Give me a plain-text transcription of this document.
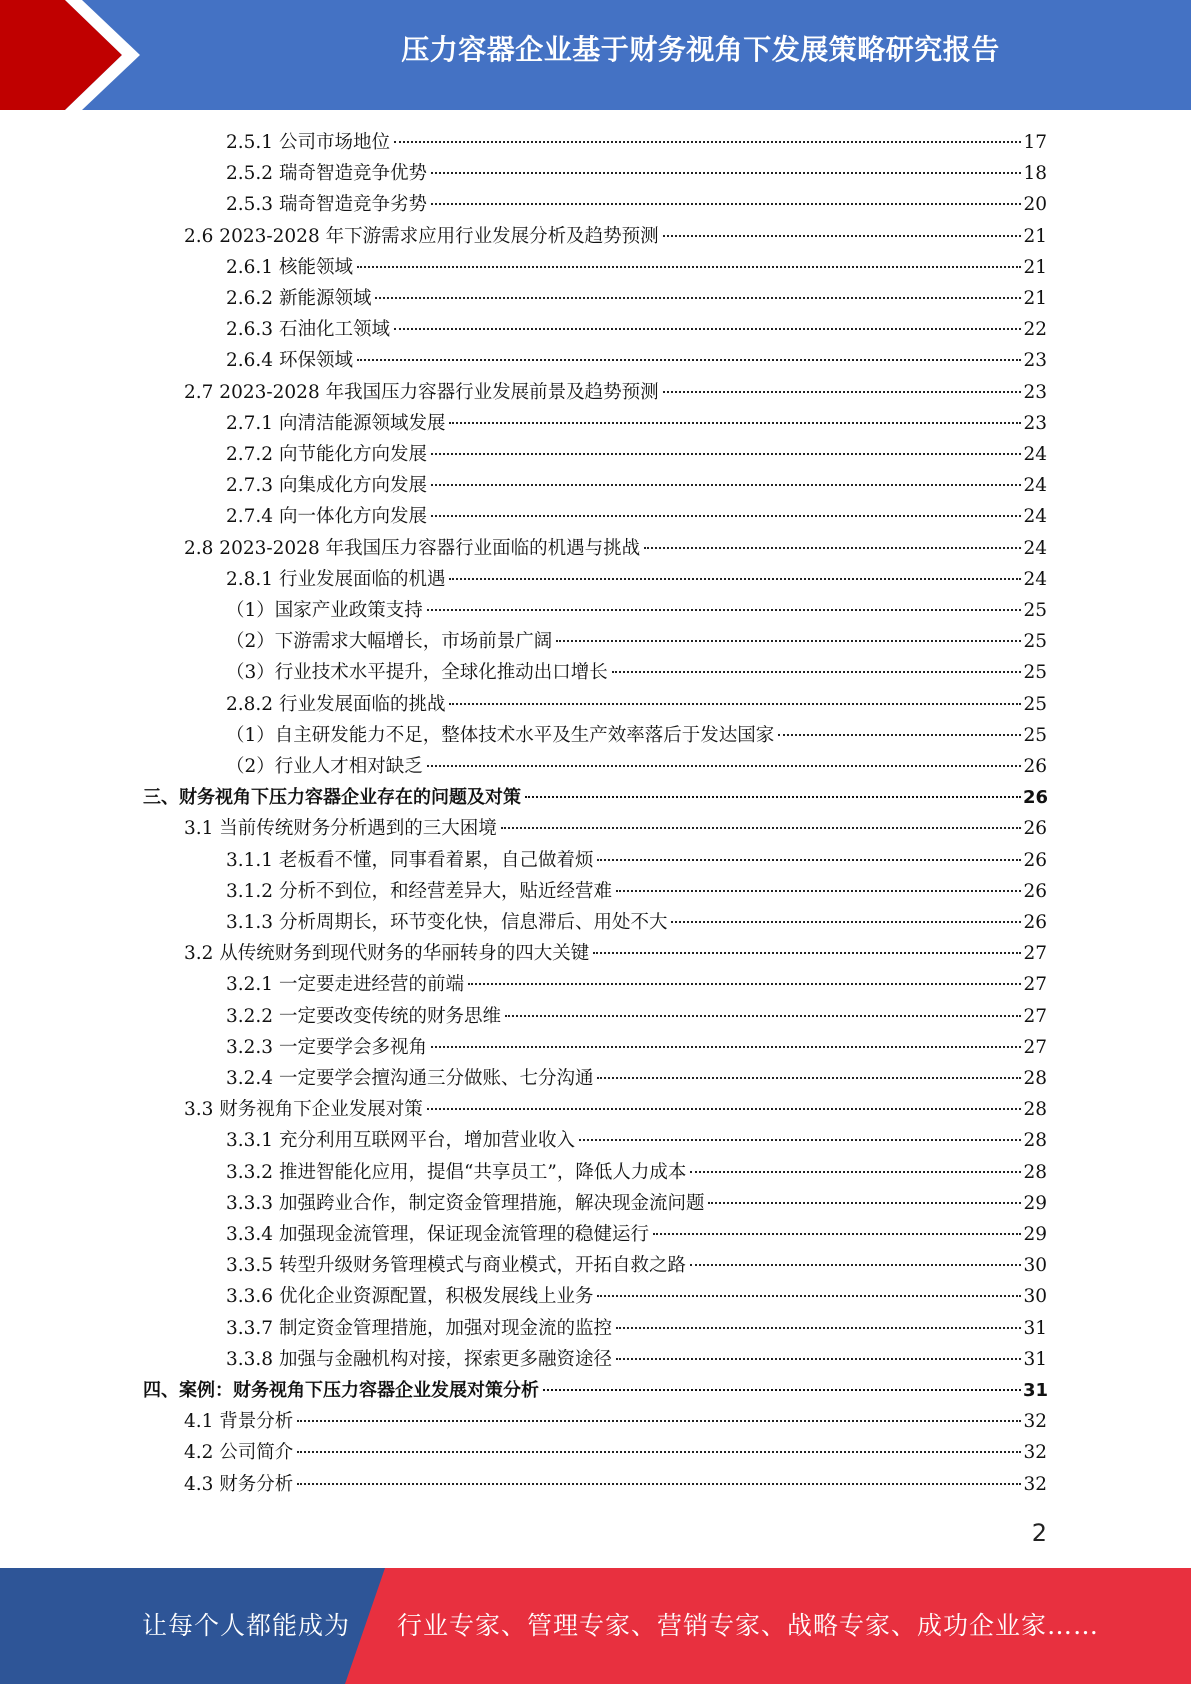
压力容器企业基于财务视角下发展策略研究报告
2.5.1 公司市场地位	17
2.5.2 瑞奇智造竞争优势	18
2.5.3 瑞奇智造竞争劣势	20
2.6 2023-2028 年下游需求应用行业发展分析及趋势预测	21
2.6.1 核能领域	21
2.6.2 新能源领域	21
2.6.3 石油化工领域	22
2.6.4 环保领域	23
2.7 2023-2028 年我国压力容器行业发展前景及趋势预测	23
2.7.1 向清洁能源领域发展	23
2.7.2 向节能化方向发展	24
2.7.3 向集成化方向发展	24
2.7.4 向一体化方向发展	24
2.8 2023-2028 年我国压力容器行业面临的机遇与挑战	24
2.8.1 行业发展面临的机遇	24
（1）国家产业政策支持	25
（2）下游需求大幅增长，市场前景广阔	25
（3）行业技术水平提升，全球化推动出口增长	25
2.8.2 行业发展面临的挑战	25
（1）自主研发能力不足，整体技术水平及生产效率落后于发达国家	25
（2）行业人才相对缺乏	26
三、财务视角下压力容器企业存在的问题及对策	26
3.1 当前传统财务分析遇到的三大困境	26
3.1.1 老板看不懂，同事看着累，自己做着烦	26
3.1.2 分析不到位，和经营差异大，贴近经营难	26
3.1.3 分析周期长，环节变化快，信息滞后、用处不大	26
3.2 从传统财务到现代财务的华丽转身的四大关键	27
3.2.1 一定要走进经营的前端	27
3.2.2 一定要改变传统的财务思维	27
3.2.3 一定要学会多视角	27
3.2.4 一定要学会擅沟通三分做账、七分沟通	28
3.3 财务视角下企业发展对策	28
3.3.1 充分利用互联网平台，增加营业收入	28
3.3.2 推进智能化应用，提倡“共享员工”，降低人力成本	28
3.3.3 加强跨业合作，制定资金管理措施，解决现金流问题	29
3.3.4 加强现金流管理，保证现金流管理的稳健运行	29
3.3.5 转型升级财务管理模式与商业模式，开拓自救之路	30
3.3.6 优化企业资源配置，积极发展线上业务	30
3.3.7 制定资金管理措施，加强对现金流的监控	31
3.3.8 加强与金融机构对接，探索更多融资途径	31
四、案例：财务视角下压力容器企业发展对策分析	31
4.1 背景分析	32
4.2 公司简介	32
4.3 财务分析	32
2
让每个人都能成为 行业专家、管理专家、营销专家、战略专家、成功企业家……
